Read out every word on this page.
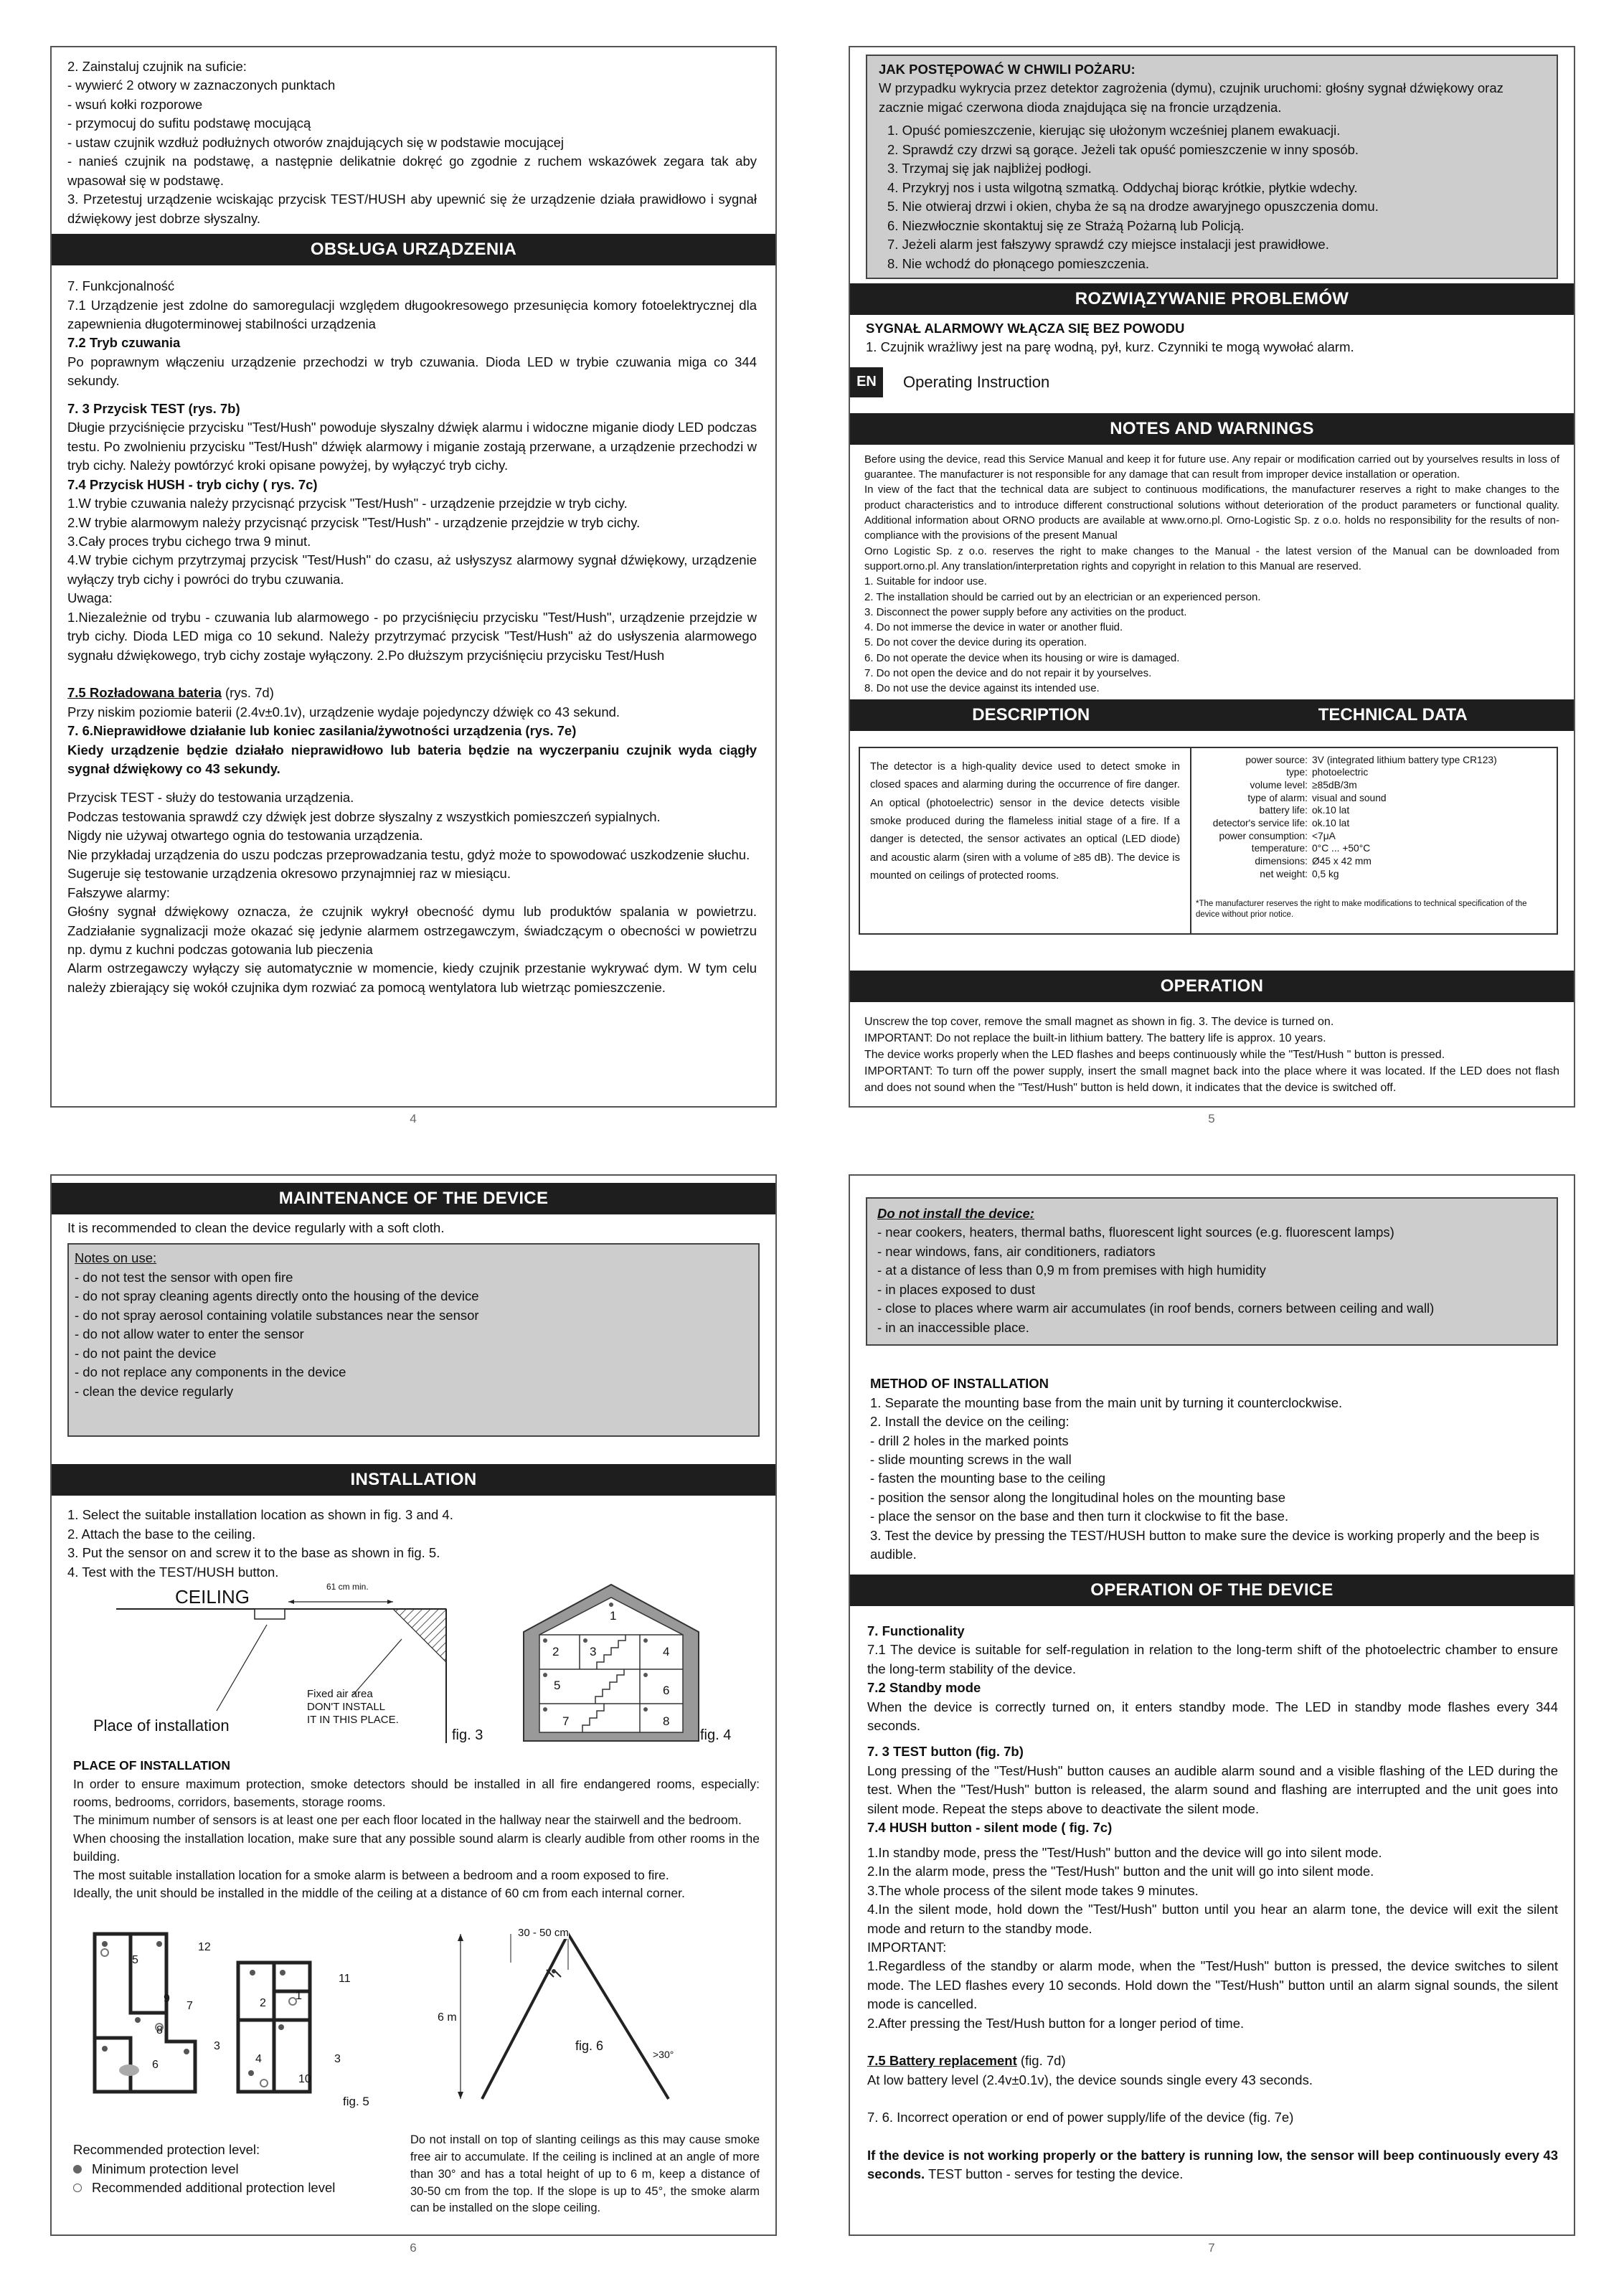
2. Zainstaluj czujnik na suficie:

- wywierć 2 otwory w zaznaczonych punktach

- wsuń kołki rozporowe

- przymocuj do sufitu podstawę mocującą

- ustaw czujnik wzdłuż podłużnych otworów znajdujących się w podstawie mocującej

- nanieś czujnik na podstawę, a następnie delikatnie dokręć go zgodnie z ruchem wskazówek zegara tak aby wpasował się w podstawę.

3. Przetestuj urządzenie wciskając przycisk TEST/HUSH aby upewnić się że urządzenie działa prawidłowo i sygnał dźwiękowy jest dobrze słyszalny.

OBSŁUGA URZĄDZENIA

7. Funkcjonalność

7.1 Urządzenie jest zdolne do samoregulacji względem długookresowego przesunięcia komory fotoelektrycznej dla zapewnienia długoterminowej stabilności urządzenia

7.2 Tryb czuwania

Po poprawnym włączeniu urządzenie przechodzi w tryb czuwania. Dioda LED w trybie czuwania miga co 344 sekundy.

7. 3 Przycisk TEST (rys. 7b)

Długie przyciśnięcie przycisku "Test/Hush" powoduje słyszalny dźwięk alarmu i widoczne miganie diody LED podczas testu. Po zwolnieniu przycisku "Test/Hush" dźwięk alarmowy i miganie zostają przerwane, a urządzenie przechodzi w tryb cichy. Należy powtórzyć kroki opisane powyżej, by wyłączyć tryb cichy.

7.4 Przycisk HUSH - tryb cichy ( rys. 7c)

1.W trybie czuwania należy przycisnąć przycisk "Test/Hush" - urządzenie przejdzie w tryb cichy.

2.W trybie alarmowym należy przycisnąć przycisk "Test/Hush" - urządzenie przejdzie w tryb cichy.

3.Cały proces trybu cichego trwa 9 minut.

4.W trybie cichym przytrzymaj przycisk "Test/Hush" do czasu, aż usłyszysz alarmowy sygnał dźwiękowy, urządzenie wyłączy tryb cichy i powróci do trybu czuwania.

Uwaga:

1.Niezależnie od trybu - czuwania lub alarmowego - po przyciśnięciu przycisku "Test/Hush", urządzenie przejdzie w tryb cichy. Dioda LED miga co 10 sekund. Należy przytrzymać przycisk "Test/Hush" aż do usłyszenia alarmowego sygnału dźwiękowego, tryb cichy zostaje wyłączony. 2.Po dłuższym przyciśnięciu przycisku Test/Hush

7.5 Rozładowana bateria (rys. 7d)

Przy niskim poziomie baterii (2.4v±0.1v), urządzenie wydaje pojedynczy dźwięk co 43 sekund.

7. 6.Nieprawidłowe działanie lub koniec zasilania/żywotności urządzenia (rys. 7e)

Kiedy urządzenie będzie działało nieprawidłowo lub bateria będzie na wyczerpaniu czujnik wyda ciągły sygnał dźwiękowy co 43 sekundy.

Przycisk TEST - służy do testowania urządzenia.

Podczas testowania sprawdź czy dźwięk jest dobrze słyszalny z wszystkich pomieszczeń sypialnych.

Nigdy nie używaj otwartego ognia do testowania urządzenia.

Nie przykładaj urządzenia do uszu podczas przeprowadzania testu, gdyż może to spowodować uszkodzenie słuchu.

Sugeruje się testowanie urządzenia okresowo przynajmniej raz w miesiącu.

Fałszywe alarmy:

Głośny sygnał dźwiękowy oznacza, że czujnik wykrył obecność dymu lub produktów spalania w powietrzu. Zadziałanie sygnalizacji może okazać się jedynie alarmem ostrzegawczym, świadczącym o obecności w powietrzu np. dymu z kuchni podczas gotowania lub pieczenia

Alarm ostrzegawczy wyłączy się automatycznie w momencie, kiedy czujnik przestanie wykrywać dym. W tym celu należy zbierający się wokół czujnika dym rozwiać za pomocą wentylatora lub wietrząc pomieszczenie.

4

JAK POSTĘPOWAĆ W CHWILI POŻARU:

W przypadku wykrycia przez detektor zagrożenia (dymu), czujnik uruchomi: głośny sygnał dźwiękowy oraz zacznie migać czerwona dioda znajdująca się na froncie urządzenia.

1. Opuść pomieszczenie, kierując się ułożonym wcześniej planem ewakuacji.

2. Sprawdź czy drzwi są gorące. Jeżeli tak opuść pomieszczenie w inny sposób.

3. Trzymaj się jak najbliżej podłogi.

4. Przykryj nos i usta wilgotną szmatką. Oddychaj biorąc krótkie, płytkie wdechy.

5. Nie otwieraj drzwi i okien, chyba że są na drodze awaryjnego opuszczenia domu.

6. Niezwłocznie skontaktuj się ze Strażą Pożarną lub Policją.

7. Jeżeli alarm jest fałszywy sprawdź czy miejsce instalacji jest prawidłowe.

8. Nie wchodź do płonącego pomieszczenia.

ROZWIĄZYWANIE PROBLEMÓW

SYGNAŁ ALARMOWY WŁĄCZA SIĘ BEZ POWODU

1. Czujnik wrażliwy jest na parę wodną, pył, kurz. Czynniki te mogą wywołać alarm.

EN	Operating Instruction
NOTES AND WARNINGS

Before using the device, read this Service Manual and keep it for future use. Any repair or modification carried out by yourselves results in loss of guarantee. The manufacturer is not responsible for any damage that can result from improper device installation or operation.

In view of the fact that the technical data are subject to continuous modifications, the manufacturer reserves a right to make changes to the product characteristics and to introduce different constructional solutions without deterioration of the product parameters or functional quality. Additional information about ORNO products are available at www.orno.pl. Orno-Logistic Sp. z o.o. holds no responsibility for the results of non-compliance with the provisions of the present Manual

Orno Logistic Sp. z o.o. reserves the right to make changes to the Manual - the latest version of the Manual can be downloaded from support.orno.pl. Any translation/interpretation rights and copyright in relation to this Manual are reserved.

1. Suitable for indoor use.

2. The installation should be carried out by an electrician or an experienced person.

3. Disconnect the power supply before any activities on the product.

4. Do not immerse the device in water or another fluid.

5. Do not cover the device during its operation.

6. Do not operate the device when its housing or wire is damaged.

7. Do not open the device and do not repair it by yourselves.

8. Do not use the device against its intended use.

DESCRIPTION	TECHNICAL DATA
The detector is a high-quality device used to detect smoke in closed spaces and alarming during the occurrence of fire danger. An optical (photoelectric) sensor in the device detects visible smoke produced during the flameless initial stage of a fire. If a danger is detected, the sensor activates an optical (LED diode) and acoustic alarm (siren with a volume of ≥85 dB). The device is mounted on ceilings of protected rooms.
power source: 3V (integrated lithium battery type CR123)
type: photoelectric
volume level: ≥85dB/3m
type of alarm: visual and sound
battery life: ok.10 lat
detector's service life: ok.10 lat
power consumption: <7μA
temperature: 0°C ... +50°C
dimensions: Ø45 x 42 mm
net weight: 0,5 kg
*The manufacturer reserves the right to make modifications to technical specification of the device without prior notice.
OPERATION

Unscrew the top cover, remove the small magnet as shown in fig. 3. The device is turned on.

IMPORTANT: Do not replace the built-in lithium battery. The battery life is approx. 10 years.

The device works properly when the LED flashes and beeps continuously while the "Test/Hush " button is pressed.

IMPORTANT: To turn off the power supply, insert the small magnet back into the place where it was located. If the LED does not flash and does not sound when the "Test/Hush" button is held down, it indicates that the device is switched off.

5
MAINTENANCE OF THE DEVICE
It is recommended to clean the device regularly with a soft cloth.

Notes on use:

- do not test the sensor with open fire

- do not spray cleaning agents directly onto the housing of the device

- do not spray aerosol containing volatile substances near the sensor

- do not allow water to enter the sensor

- do not paint the device

- do not replace any components in the device

- clean the device regularly

INSTALLATION

1. Select the suitable installation location as shown in fig. 3 and 4.

2. Attach the base to the ceiling.

3. Put the sensor on and screw it to the base as shown in fig. 5.

4. Test with the TEST/HUSH button.

CEILING	61 cm min.
Fixed air area
DON'T INSTALL
IT IN THIS PLACE.
Place of installation
fig. 3
1
2	3	4
5	6
7	8
fig. 4

PLACE OF INSTALLATION

In order to ensure maximum protection, smoke detectors should be installed in all fire endangered rooms, especially: rooms, bedrooms, corridors, basements, storage rooms.

The minimum number of sensors is at least one per each floor located in the hallway near the stairwell and the bedroom.

When choosing the installation location, make sure that any possible sound alarm is clearly audible from other rooms in the building.

The most suitable installation location for a smoke alarm is between a bedroom and a room exposed to fire.

Ideally, the unit should be installed in the middle of the ceiling at a distance of 60 cm from each internal corner.

5
12
9
7
8
3
6
2
1
11
4
10
3
fig. 5
30 - 50 cm
6 m
fig. 6
>30°

Recommended protection level:

Minimum protection level

Recommended additional protection level

Do not install on top of slanting ceilings as this may cause smoke free air to accumulate. If the ceiling is inclined at an angle of more than 30° and has a total height of up to 6 m, keep a distance of 30-50 cm from the top. If the slope is up to 45°, the smoke alarm can be installed on the slope ceiling.
6

Do not install the device:

- near cookers, heaters, thermal baths, fluorescent light sources (e.g. fluorescent lamps)

- near windows, fans, air conditioners, radiators

- at a distance of less than 0,9 m from premises with high humidity

- in places exposed to dust

- close to places where warm air accumulates (in roof bends, corners between ceiling and wall)

- in an inaccessible place.

METHOD OF INSTALLATION

1. Separate the mounting base from the main unit by turning it counterclockwise.

2. Install the device on the ceiling:

- drill 2 holes in the marked points

- slide mounting screws in the wall

- fasten the mounting base to the ceiling

- position the sensor along the longitudinal holes on the mounting base

- place the sensor on the base and then turn it clockwise to fit the base.

3. Test the device by pressing the TEST/HUSH button to make sure the device is working properly and the beep is audible.

OPERATION OF THE DEVICE

7. Functionality

7.1 The device is suitable for self-regulation in relation to the long-term shift of the photoelectric chamber to ensure the long-term stability of the device.

7.2 Standby mode

When the device is correctly turned on, it enters standby mode. The LED in standby mode flashes every 344 seconds.

7. 3 TEST button (fig. 7b)

Long pressing of the "Test/Hush" button causes an audible alarm sound and a visible flashing of the LED during the test. When the "Test/Hush" button is released, the alarm sound and flashing are interrupted and the unit goes into silent mode. Repeat the steps above to deactivate the silent mode.

7.4 HUSH button - silent mode ( fig. 7c)

1.In standby mode, press the "Test/Hush" button and the device will go into silent mode.

2.In the alarm mode, press the "Test/Hush" button and the unit will go into silent mode.

3.The whole process of the silent mode takes 9 minutes.

4.In the silent mode, hold down the "Test/Hush" button until you hear an alarm tone, the device will exit the silent mode and return to the standby mode.

IMPORTANT:

1.Regardless of the standby or alarm mode, when the "Test/Hush" button is pressed, the device switches to silent mode. The LED flashes every 10 seconds. Hold down the "Test/Hush" button until an alarm signal sounds, the silent mode is cancelled.

2.After pressing the Test/Hush button for a longer period of time.

7.5 Battery replacement (fig. 7d)

At low battery level (2.4v±0.1v), the device sounds single every 43 seconds.

7. 6. Incorrect operation or end of power supply/life of the device (fig. 7e)

If the device is not working properly or the battery is running low, the sensor will beep continuously every 43 seconds. TEST button - serves for testing the device.

7
